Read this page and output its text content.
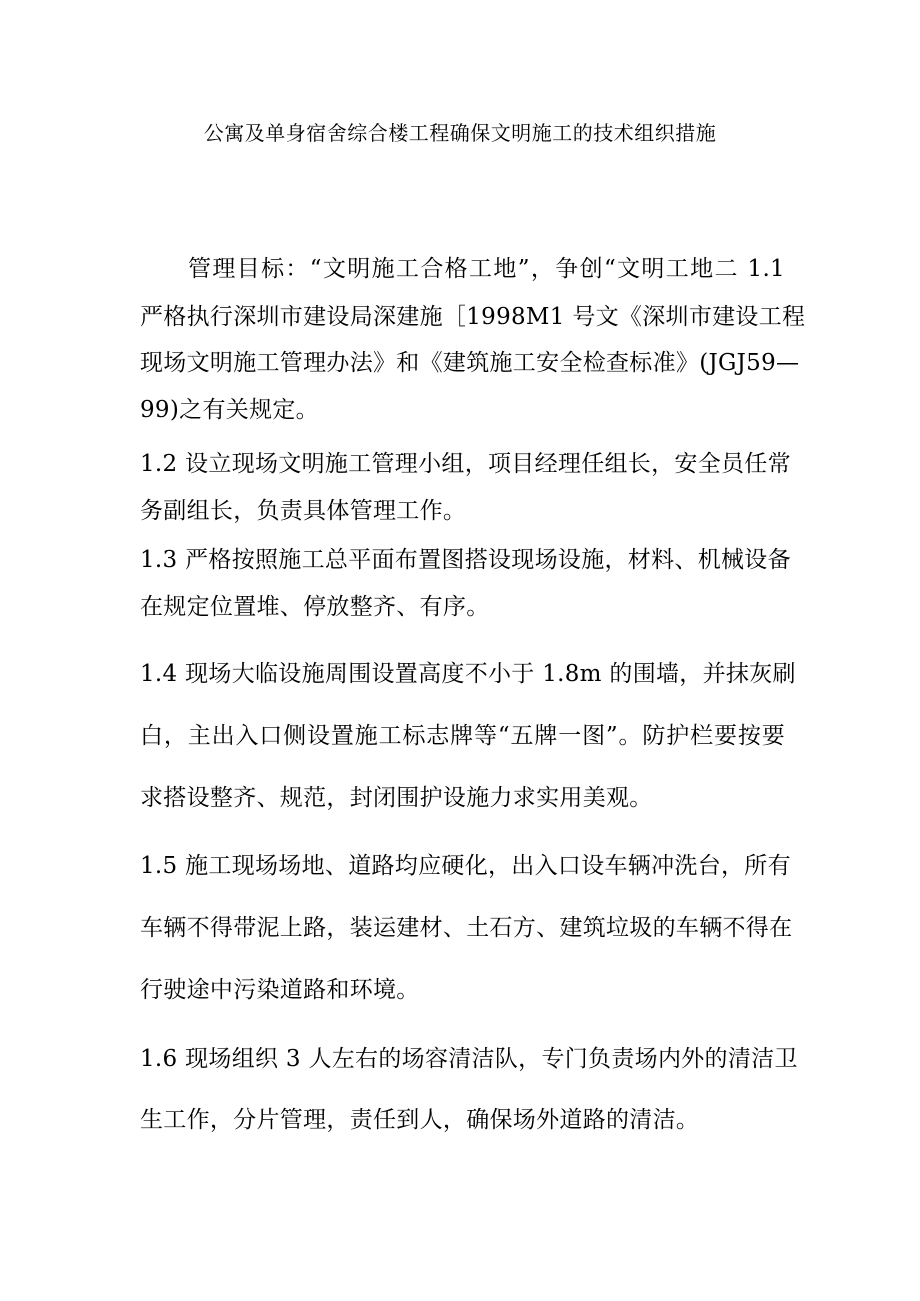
公寓及单身宿舍综合楼工程确保文明施工的技术组织措施
管理目标：“文明施工合格工地”，争创“文明工地二 1.1
严格执行深圳市建设局深建施［1998M1 号文《深圳市建设工程
现场文明施工管理办法》和《建筑施工安全检查标准》(JGJ59—
99)之有关规定。
1.2 设立现场文明施工管理小组，项目经理任组长，安全员任常
务副组长，负责具体管理工作。
1.3 严格按照施工总平面布置图搭设现场设施，材料、机械设备
在规定位置堆、停放整齐、有序。
1.4 现场大临设施周围设置高度不小于 1.8m 的围墙，并抹灰刷
白，主出入口侧设置施工标志牌等“五牌一图”。防护栏要按要
求搭设整齐、规范，封闭围护设施力求实用美观。
1.5 施工现场场地、道路均应硬化，出入口设车辆冲洗台，所有
车辆不得带泥上路，装运建材、土石方、建筑垃圾的车辆不得在
行驶途中污染道路和环境。
1.6 现场组织 3 人左右的场容清洁队，专门负责场内外的清洁卫
生工作，分片管理，责任到人，确保场外道路的清洁。
